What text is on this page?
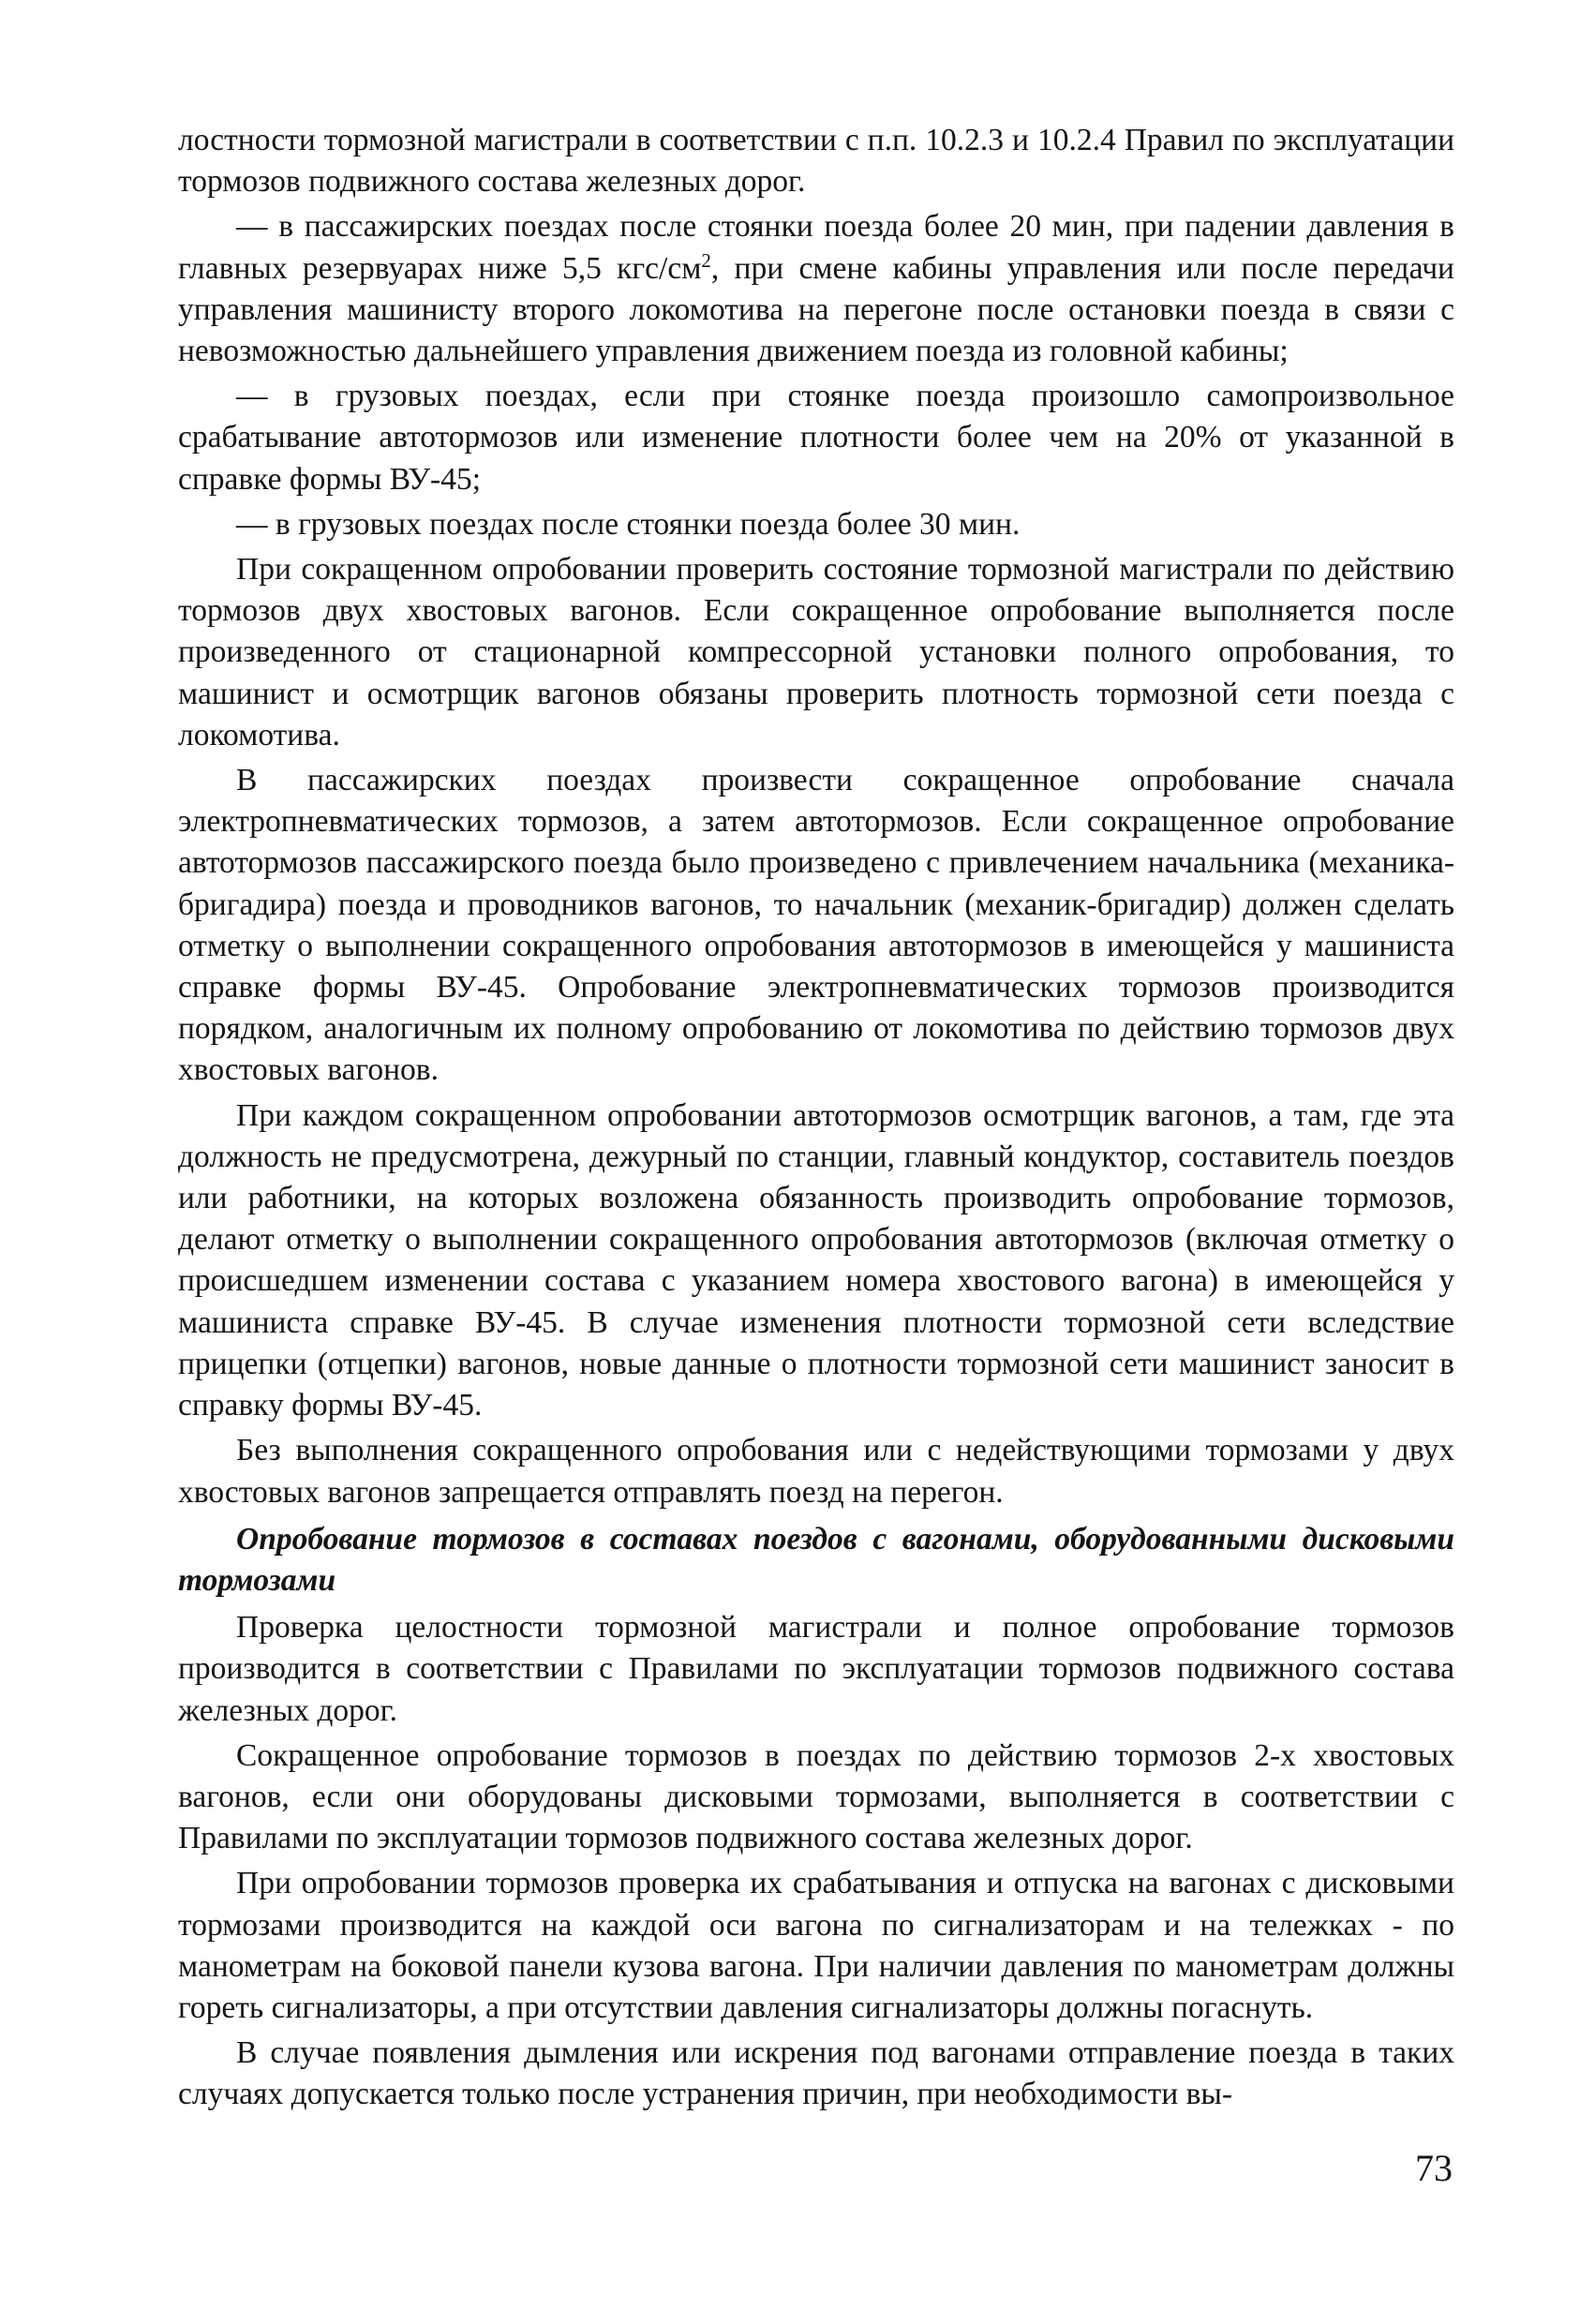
лостности тормозной магистрали в соответствии с п.п. 10.2.3 и 10.2.4 Правил по эксплуатации тормозов подвижного состава железных дорог.

— в пассажирских поездах после стоянки поезда более 20 мин, при падении давления в главных резервуарах ниже 5,5 кгс/$см^2$, при смене кабины управления или после передачи управления машинисту второго локомотива на перегоне после остановки поезда в связи с невозможностью дальнейшего управления движением поезда из головной кабины;

— в грузовых поездах, если при стоянке поезда произошло самопроизвольное срабатывание автотормозов или изменение плотности более чем на 20% от указанной в справке формы ВУ-45;

— в грузовых поездах после стоянки поезда более 30 мин.

При сокращенном опробовании проверить состояние тормозной магистрали по действию тормозов двух хвостовых вагонов. Если сокращенное опробование выполняется после произведенного от стационарной компрессорной установки полного опробования, то машинист и осмотрщик вагонов обязаны проверить плотность тормозной сети поезда с локомотива.

В пассажирских поездах произвести сокращенное опробование сначала электропневматических тормозов, а затем автотормозов. Если сокращенное опробование автотормозов пассажирского поезда было произведено с привлечением начальника (механика-бригадира) поезда и проводников вагонов, то начальник (механик-бригадир) должен сделать отметку о выполнении сокращенного опробования автотормозов в имеющейся у машиниста справке формы ВУ-45. Опробование электропневматических тормозов производится порядком, аналогичным их полному опробованию от локомотива по действию тормозов двух хвостовых вагонов.

При каждом сокращенном опробовании автотормозов осмотрщик вагонов, а там, где эта должность не предусмотрена, дежурный по станции, главный кондуктор, составитель поездов или работники, на которых возложена обязанность производить опробование тормозов, делают отметку о выполнении сокращенного опробования автотормозов (включая отметку о происшедшем изменении состава с указанием номера хвостового вагона) в имеющейся у машиниста справке ВУ-45. В случае изменения плотности тормозной сети вследствие прицепки (отцепки) вагонов, новые данные о плотности тормозной сети машинист заносит в справку формы ВУ-45.

Без выполнения сокращенного опробования или с недействующими тормозами у двух хвостовых вагонов запрещается отправлять поезд на перегон.

Опробование тормозов в составах поездов с вагонами, оборудованными дисковыми тормозами

Проверка целостности тормозной магистрали и полное опробование тормозов производится в соответствии с Правилами по эксплуатации тормозов подвижного состава железных дорог.

Сокращенное опробование тормозов в поездах по действию тормозов 2-х хвостовых вагонов, если они оборудованы дисковыми тормозами, выполняется в соответствии с Правилами по эксплуатации тормозов подвижного состава железных дорог.

При опробовании тормозов проверка их срабатывания и отпуска на вагонах с дисковыми тормозами производится на каждой оси вагона по сигнализаторам и на тележках - по манометрам на боковой панели кузова вагона. При наличии давления по манометрам должны гореть сигнализаторы, а при отсутствии давления сигнализаторы должны погаснуть.

В случае появления дымления или искрения под вагонами отправление поезда в таких случаях допускается только после устранения причин, при необходимости вы-

73
